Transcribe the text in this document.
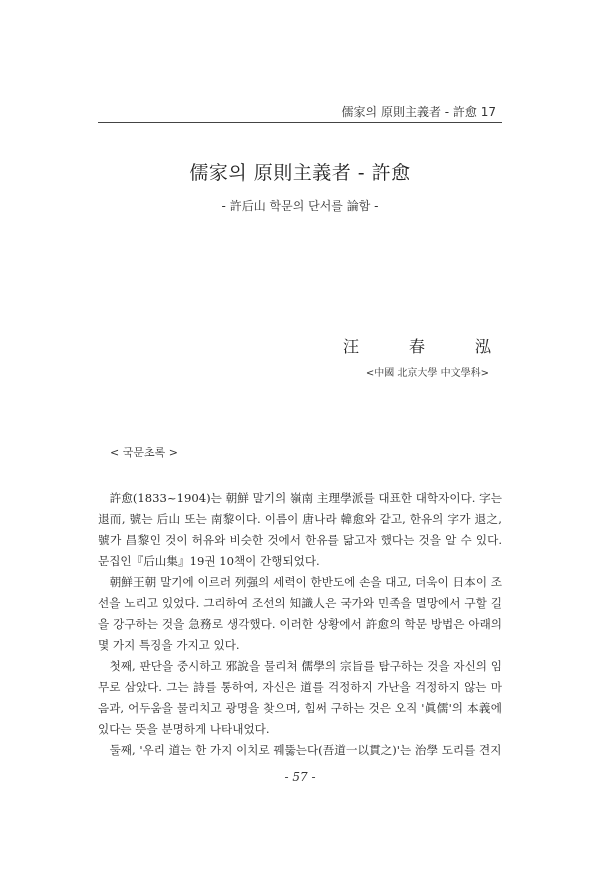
儒家의 原則主義者 - 許愈 17
儒家의 原則主義者 - 許愈
- 許后山 학문의 단서를 論함 -
汪	春	泓
<中國 北京大學 中文學科>
< 국문초록 >

許愈(1833~1904)는 朝鮮 말기의 嶺南 主理學派를 대표한 대학자이다. 字는 退而, 號는 后山 또는 南黎이다. 이름이 唐나라 韓愈와 같고, 한유의 字가 退之, 號가 昌黎인 것이 허유와 비슷한 것에서 한유를 닮고자 했다는 것을 알 수 있다. 문집인『后山集』19권 10책이 간행되었다.

朝鮮王朝 말기에 이르러 列强의 세력이 한반도에 손을 대고, 더욱이 日本이 조선을 노리고 있었다. 그리하여 조선의 知識人은 국가와 민족을 멸망에서 구할 길을 강구하는 것을 急務로 생각했다. 이러한 상황에서 許愈의 학문 방법은 아래의 몇 가지 특징을 가지고 있다.

첫째, 판단을 중시하고 邪說을 물리쳐 儒學의 宗旨를 탐구하는 것을 자신의 임무로 삼았다. 그는 詩를 통하여, 자신은 道를 걱정하지 가난을 걱정하지 않는 마음과, 어두움을 물리치고 광명을 찾으며, 힘써 구하는 것은 오직 '眞儒'의 本義에 있다는 뜻을 분명하게 나타내었다.

둘째, '우리 道는 한 가지 이치로 꿰뚫는다(吾道一以貫之)'는 治學 도리를 견지

- 57 -
